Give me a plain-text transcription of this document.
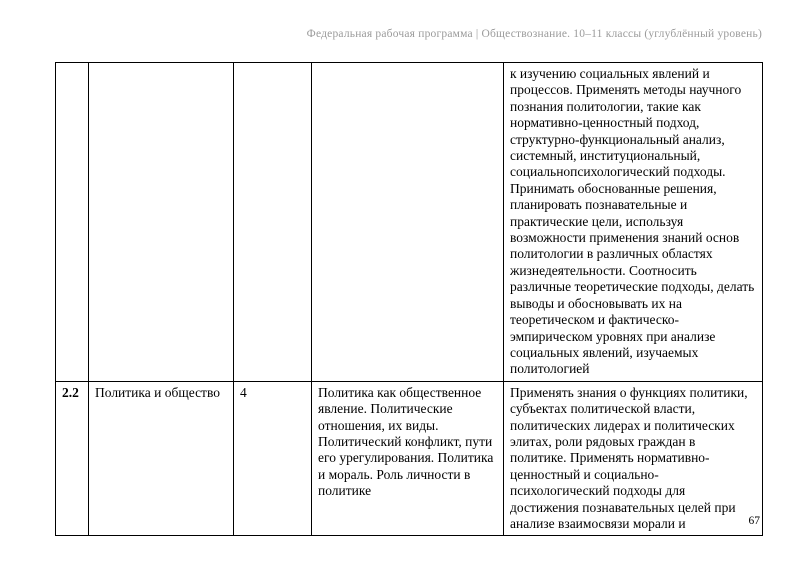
Федеральная рабочая программа | Обществознание. 10–11 классы (углублённый уровень)
				к изучению социальных явлений и процессов. Применять методы научного познания политологии, такие как нормативно-ценностный подход, структурно-функциональный анализ, системный, институциональный, социальнопсихологический подходы. Принимать обоснованные решения, планировать познавательные и практические цели, используя возможности применения знаний основ политологии в различных областях жизнедеятельности. Соотносить различные теоретические подходы, делать выводы и обосновывать их на теоретическом и фактическо-эмпирическом уровнях при анализе социальных явлений, изучаемых политологией
2.2	Политика и общество	4	Политика как общественное явление. Политические отношения, их виды. Политический конфликт, пути его урегулирования. Политика и мораль. Роль личности в политике	Применять знания о функциях политики, субъектах политической власти, политических лидерах и политических элитах, роли рядовых граждан в политике. Применять нормативно-ценностный и социально-психологический подходы для достижения познавательных целей при анализе взаимосвязи морали и	67
